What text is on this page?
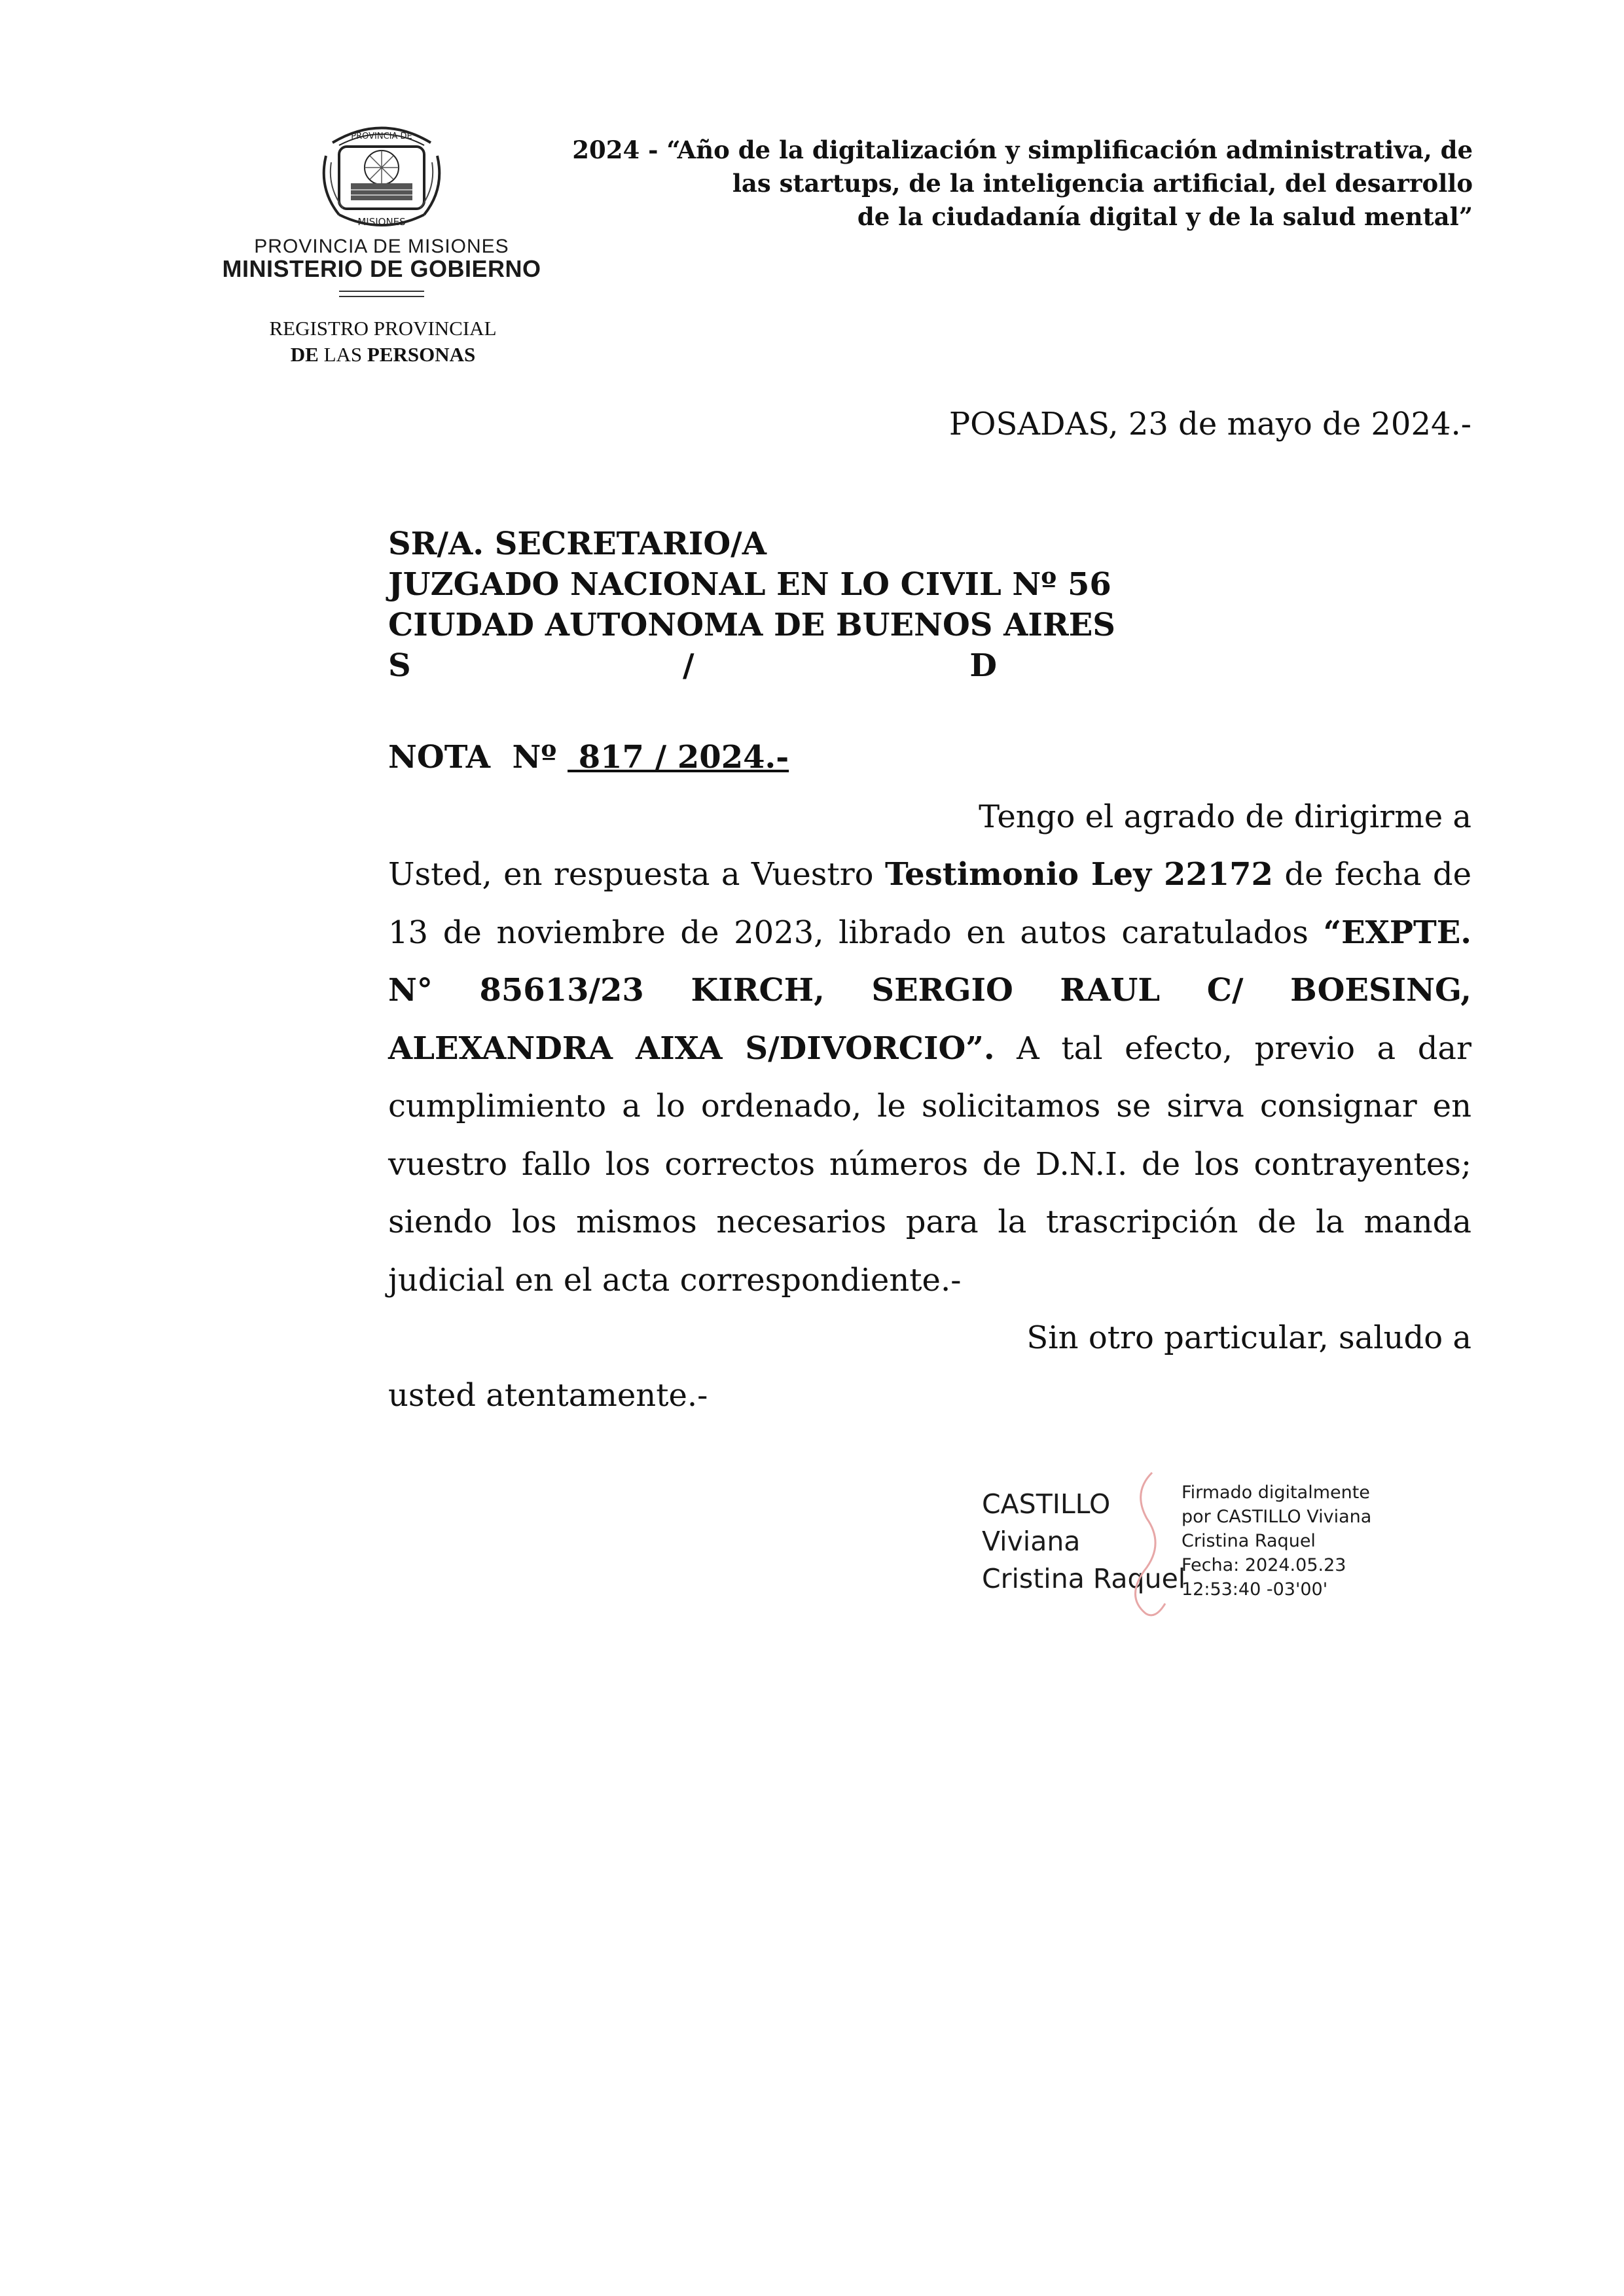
PROVINCIA DE
MISIONES
PROVINCIA DE MISIONES
MINISTERIO DE GOBIERNO
REGISTRO PROVINCIAL
DE LAS PERSONAS
2024 - “Año de la digitalización y simplificación administrativa, de
las startups, de la inteligencia artificial, del desarrollo
de la ciudadanía digital y de la salud mental”
POSADAS, 23 de mayo de 2024.-
SR/A. SECRETARIO/A
JUZGADO NACIONAL EN LO CIVIL Nº 56
CIUDAD AUTONOMA DE BUENOS AIRES
S	/	D
NOTA  Nº  817 / 2024.-
Tengo el agrado de dirigirme a
Usted, en respuesta a Vuestro Testimonio Ley 22172 de fecha de 13 de noviembre de 2023, librado en autos caratulados “EXPTE. N° 85613/23 KIRCH, SERGIO RAUL C/ BOESING, ALEXANDRA AIXA S/DIVORCIO”. A tal efecto, previo a dar cumplimiento a lo ordenado, le solicitamos se sirva consignar en vuestro fallo los correctos números de D.N.I. de los contrayentes; siendo los mismos necesarios para la trascripción de la manda judicial en el acta correspondiente.-
Sin otro particular, saludo a
usted atentamente.-
CASTILLO
Viviana
Cristina Raquel
Firmado digitalmente
por CASTILLO Viviana
Cristina Raquel
Fecha: 2024.05.23
12:53:40 -03'00'
